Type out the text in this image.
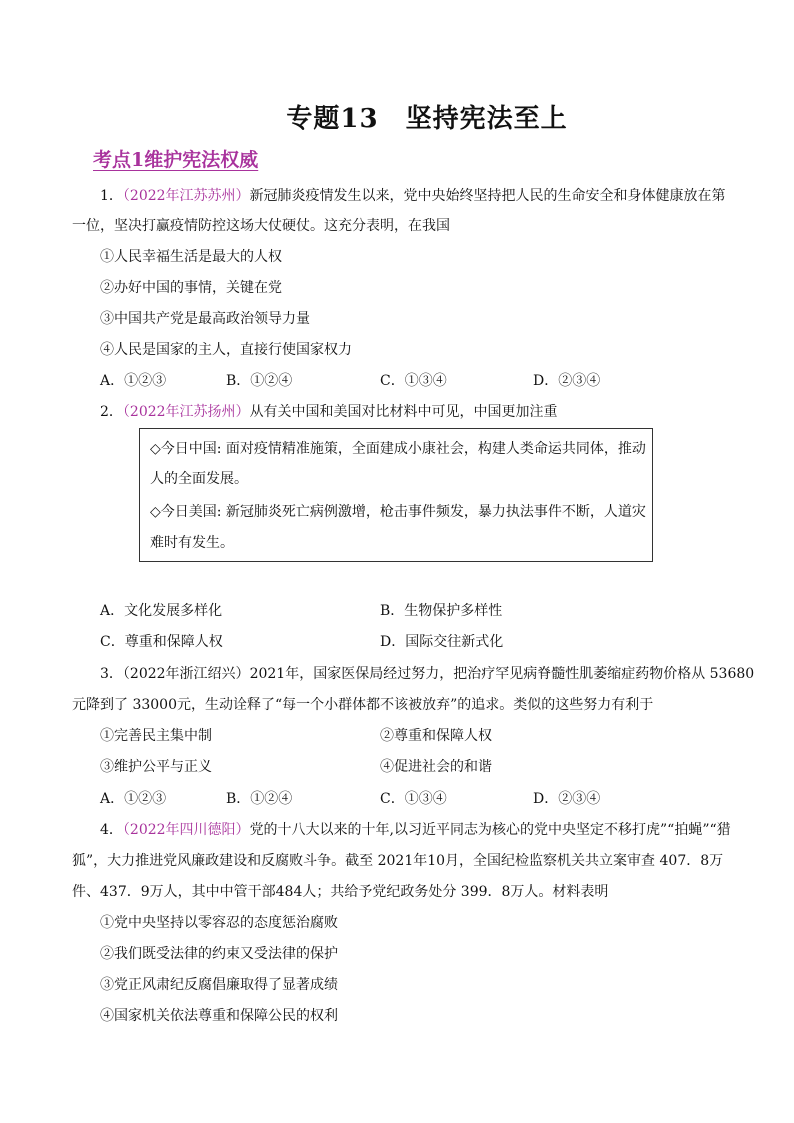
专题13　坚持宪法至上
考点1维护宪法权威
1．（2022年江苏苏州）新冠肺炎疫情发生以来，党中央始终坚持把人民的生命安全和身体健康放在第
一位，坚决打赢疫情防控这场大仗硬仗。这充分表明，在我国
①人民幸福生活是最大的人权
②办好中国的事情，关键在党
③中国共产党是最高政治领导力量
④人民是国家的主人，直接行使国家权力
A．①②③	B．①②④	C．①③④	D．②③④
2．（2022年江苏扬州）从有关中国和美国对比材料中可见，中国更加注重
◇今日中国: 面对疫情精准施策，全面建成小康社会，构建人类命运共同体，推动
人的全面发展。
◇今日美国: 新冠肺炎死亡病例激增，枪击事件频发，暴力执法事件不断，人道灾
难时有发生。
A．文化发展多样化	B．生物保护多样性
C．尊重和保障人权	D．国际交往新式化
3．（2022年浙江绍兴）2021年，国家医保局经过努力，把治疗罕见病脊髓性肌萎缩症药物价格从 53680
元降到了 33000元，生动诠释了“每一个小群体都不该被放弃”的追求。类似的这些努力有利于
①完善民主集中制	②尊重和保障人权
③维护公平与正义	④促进社会的和谐
A．①②③	B．①②④	C．①③④	D．②③④
4．（2022年四川德阳）党的十八大以来的十年,以习近平同志为核心的党中央坚定不移打虎”“拍蝇”“猎
狐”，大力推进党风廉政建设和反腐败斗争。截至 2021年10月，全国纪检监察机关共立案审查 407．8万
件、437．9万人，其中中管干部484人；共给予党纪政务处分 399．8万人。材料表明
①党中央坚持以零容忍的态度惩治腐败
②我们既受法律的约束又受法律的保护
③党正风肃纪反腐倡廉取得了显著成绩
④国家机关依法尊重和保障公民的权利
